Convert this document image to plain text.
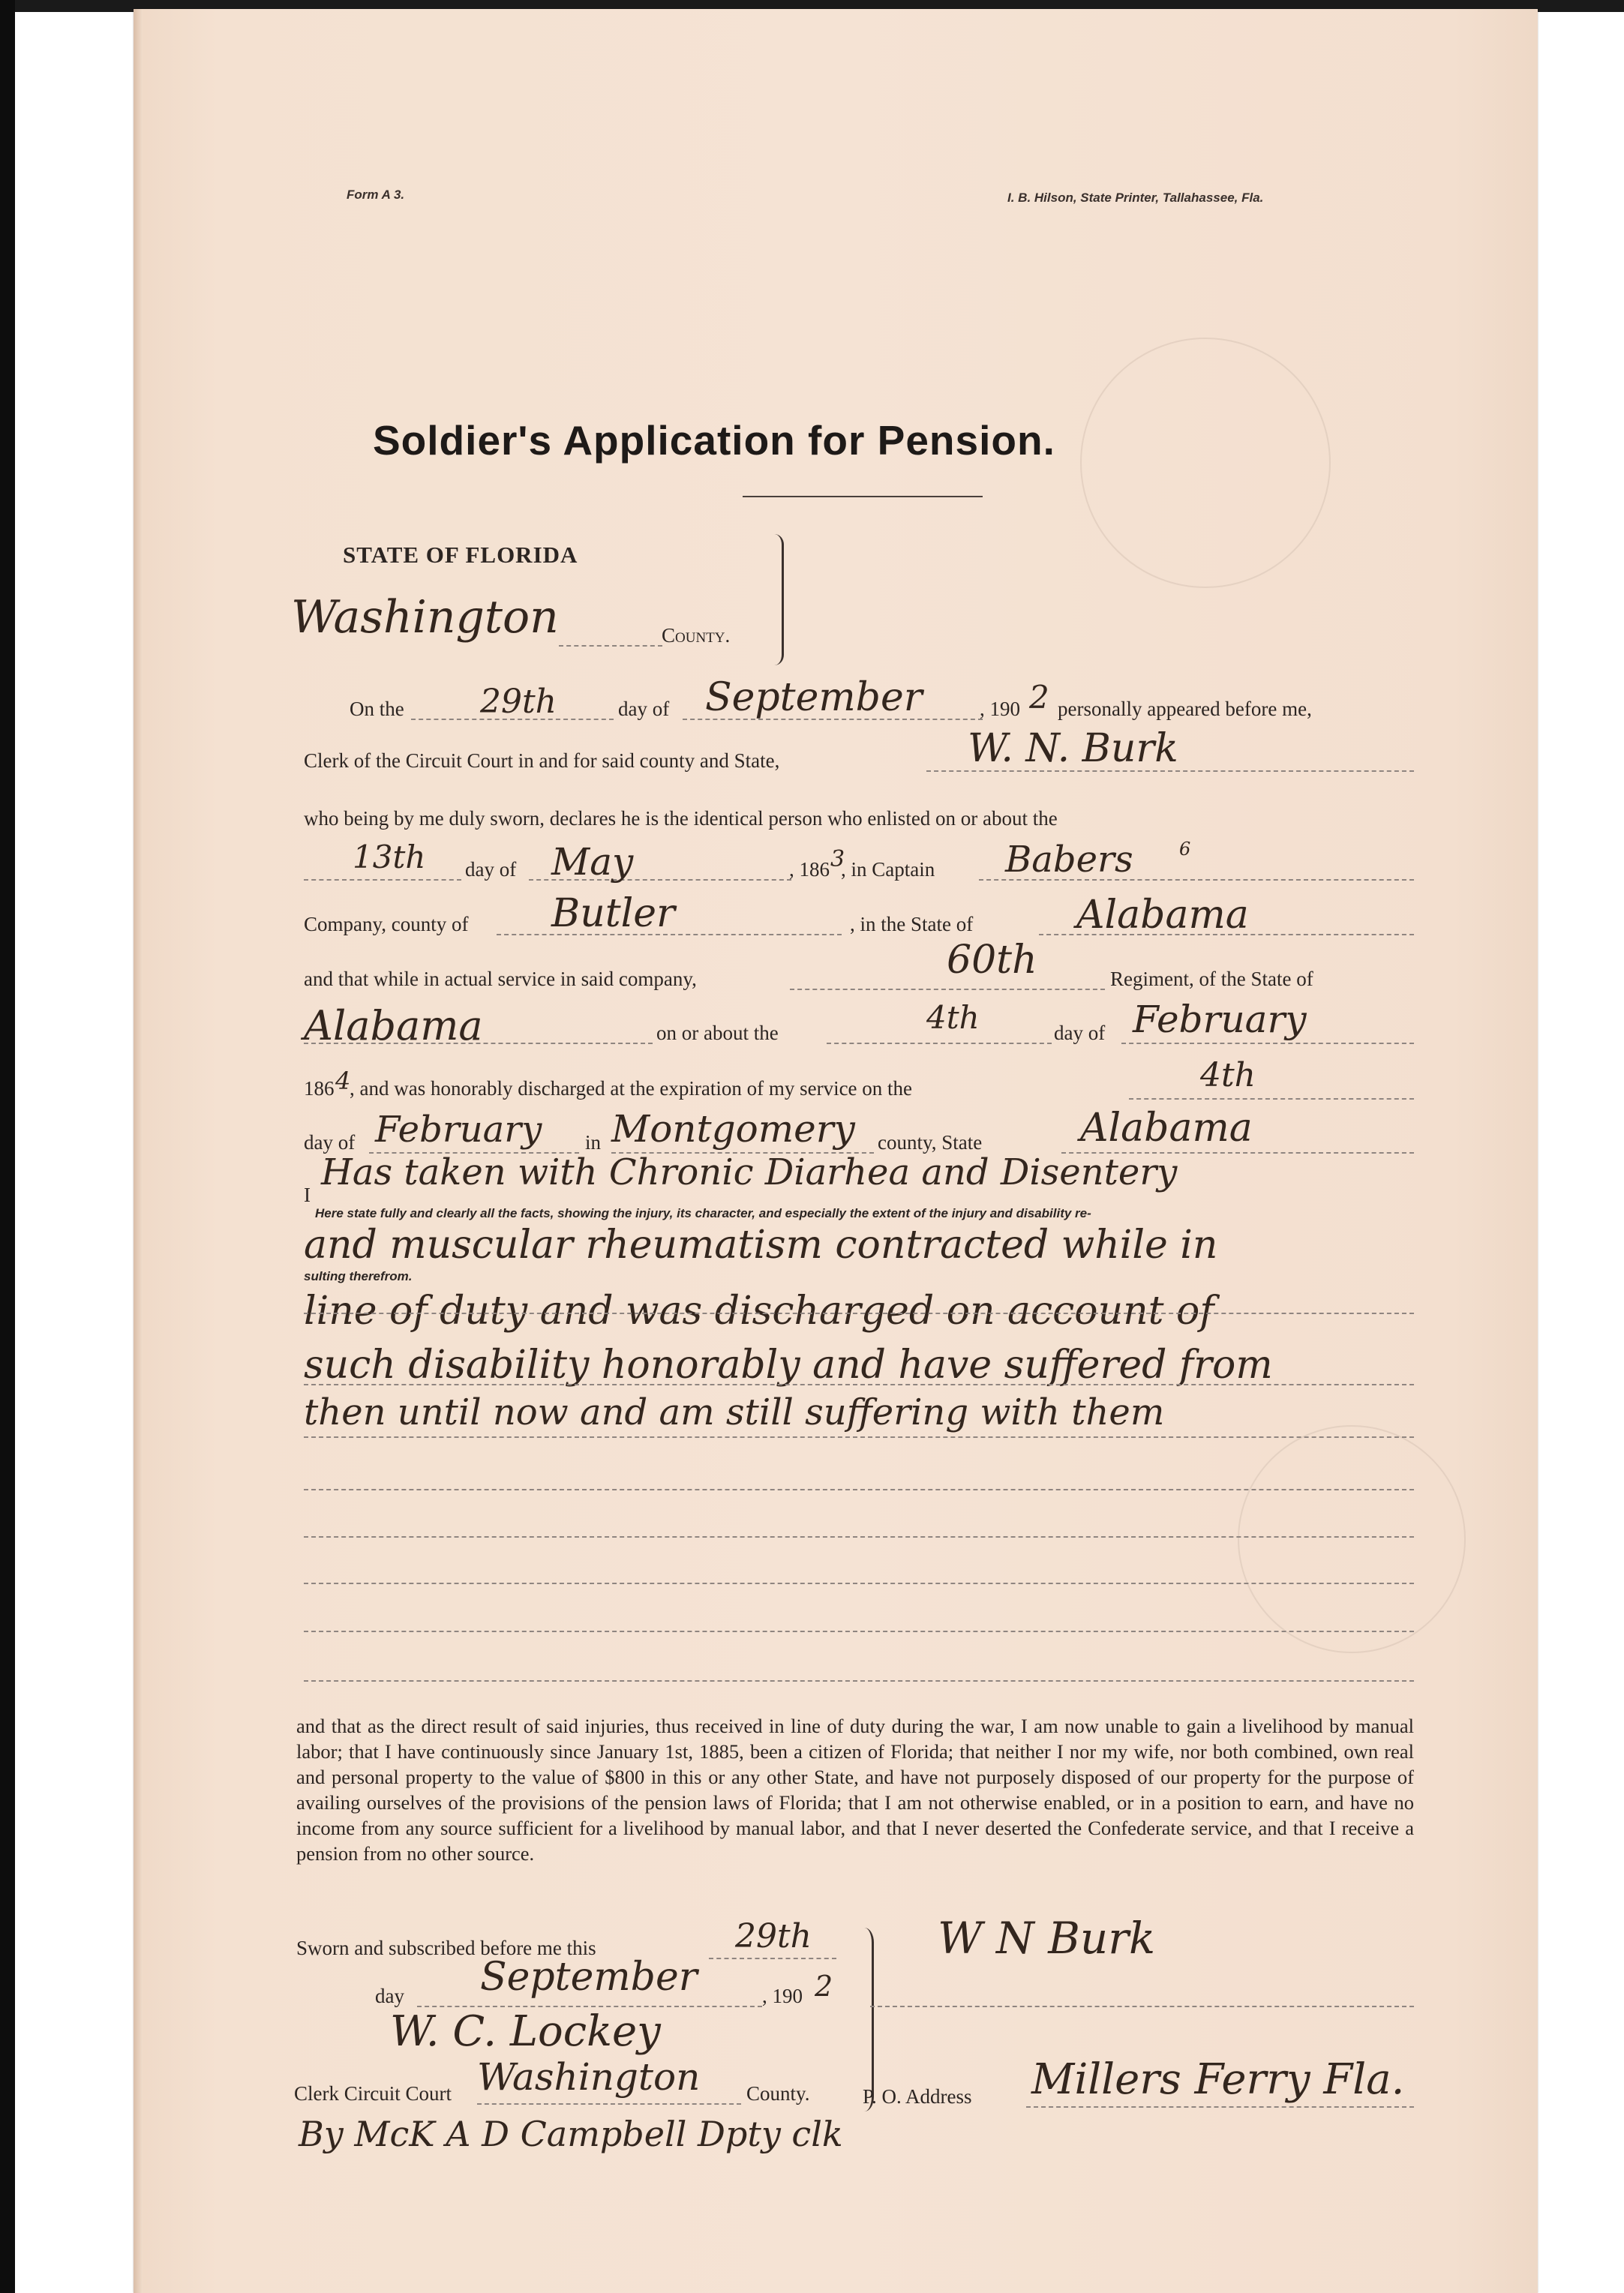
Form A 3.	I. B. Hilson, State Printer, Tallahassee, Fla.
Soldier's Application for Pension.
STATE OF FLORIDA
Washington	County.
On the 29th	day of September	, 190 2 personally appeared before me,
Clerk of the Circuit Court in and for said county and State,	W. N. Burk
who being by me duly sworn, declares he is the identical person who enlisted on or about the
13th day of May	, 186 3
, in Captain Babers	6
Company, county of Butler	, in the State of	Alabama
and that while in actual service in said company,	60th	Regiment, of the State of
Alabama	on or about the	4th	day of February
186 4
, and was honorably discharged at the expiration of my service on the	4th
day of February in Montgomery county, State	Alabama
I
Has taken with Chronic Diarhea and Disentery
Here state fully and clearly all the facts, showing the injury, its character, and especially the extent of the injury and disability re-
and muscular rheumatism contracted while in
sulting therefrom.
line of duty and was discharged on account of
such disability honorably and have suffered from
then until now and am still suffering with them
and that as the direct result of said injuries, thus received in line of duty during the war, I am now unable to gain a livelihood by manual labor; that I have continuously since January 1st, 1885, been a citizen of Florida; that neither I nor my wife, nor both combined, own real and personal property to the value of $800 in this or any other State, and have not purposely disposed of our property for the purpose of availing ourselves of the provisions of the pension laws of Florida; that I am not otherwise enabled, or in a position to earn, and have no income from any source sufficient for a livelihood by manual labor, and that I never deserted the Confederate service, and that I receive a pension from no other source.
Sworn and subscribed before me this	29th
day September	, 190 2
W. C. Lockey
Clerk Circuit Court Washington County.
By McK A D Campbell Dpty clk
W N Burk
P. O. Address Millers Ferry Fla.
